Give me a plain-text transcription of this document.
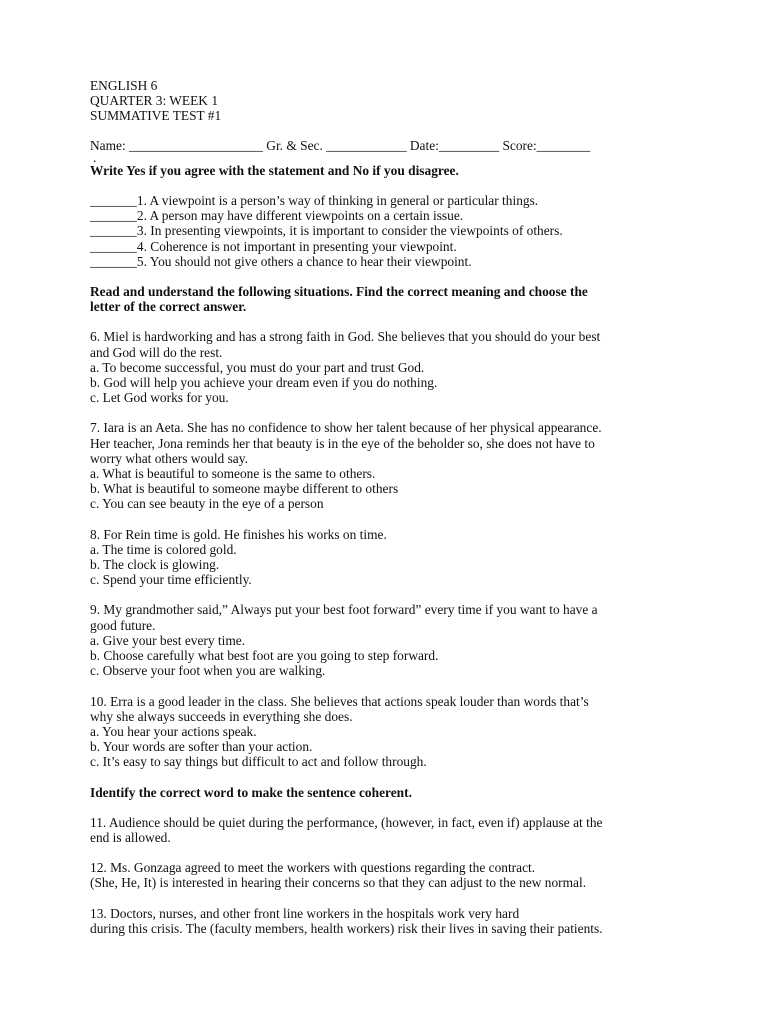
ENGLISH 6
QUARTER 3: WEEK 1
SUMMATIVE TEST #1
Name: ____________________ Gr. & Sec. ____________ Date:_________ Score:________
.
Write Yes if you agree with the statement and No if you disagree.
_______1. A viewpoint is a person’s way of thinking in general or particular things.
_______2. A person may have different viewpoints on a certain issue.
_______3. In presenting viewpoints, it is important to consider the viewpoints of others.
_______4. Coherence is not important in presenting your viewpoint.
_______5. You should not give others a chance to hear their viewpoint.
Read and understand the following situations. Find the correct meaning and choose the
letter of the correct answer.
6. Miel is hardworking and has a strong faith in God. She believes that you should do your best
and God will do the rest.
a. To become successful, you must do your part and trust God.
b. God will help you achieve your dream even if you do nothing.
c. Let God works for you.
7. Iara is an Aeta. She has no confidence to show her talent because of her physical appearance.
Her teacher, Jona reminds her that beauty is in the eye of the beholder so, she does not have to
worry what others would say.
a. What is beautiful to someone is the same to others.
b. What is beautiful to someone maybe different to others
c. You can see beauty in the eye of a person
8. For Rein time is gold. He finishes his works on time.
a. The time is colored gold.
b. The clock is glowing.
c. Spend your time efficiently.
9. My grandmother said,” Always put your best foot forward” every time if you want to have a
good future.
a. Give your best every time.
b. Choose carefully what best foot are you going to step forward.
c. Observe your foot when you are walking.
10. Erra is a good leader in the class. She believes that actions speak louder than words that’s
why she always succeeds in everything she does.
a. You hear your actions speak.
b. Your words are softer than your action.
c. It’s easy to say things but difficult to act and follow through.
Identify the correct word to make the sentence coherent.
11. Audience should be quiet during the performance, (however, in fact, even if) applause at the
end is allowed.
12. Ms. Gonzaga agreed to meet the workers with questions regarding the contract.
(She, He, It) is interested in hearing their concerns so that they can adjust to the new normal.
13. Doctors, nurses, and other front line workers in the hospitals work very hard
during this crisis. The (faculty members, health workers) risk their lives in saving their patients.
